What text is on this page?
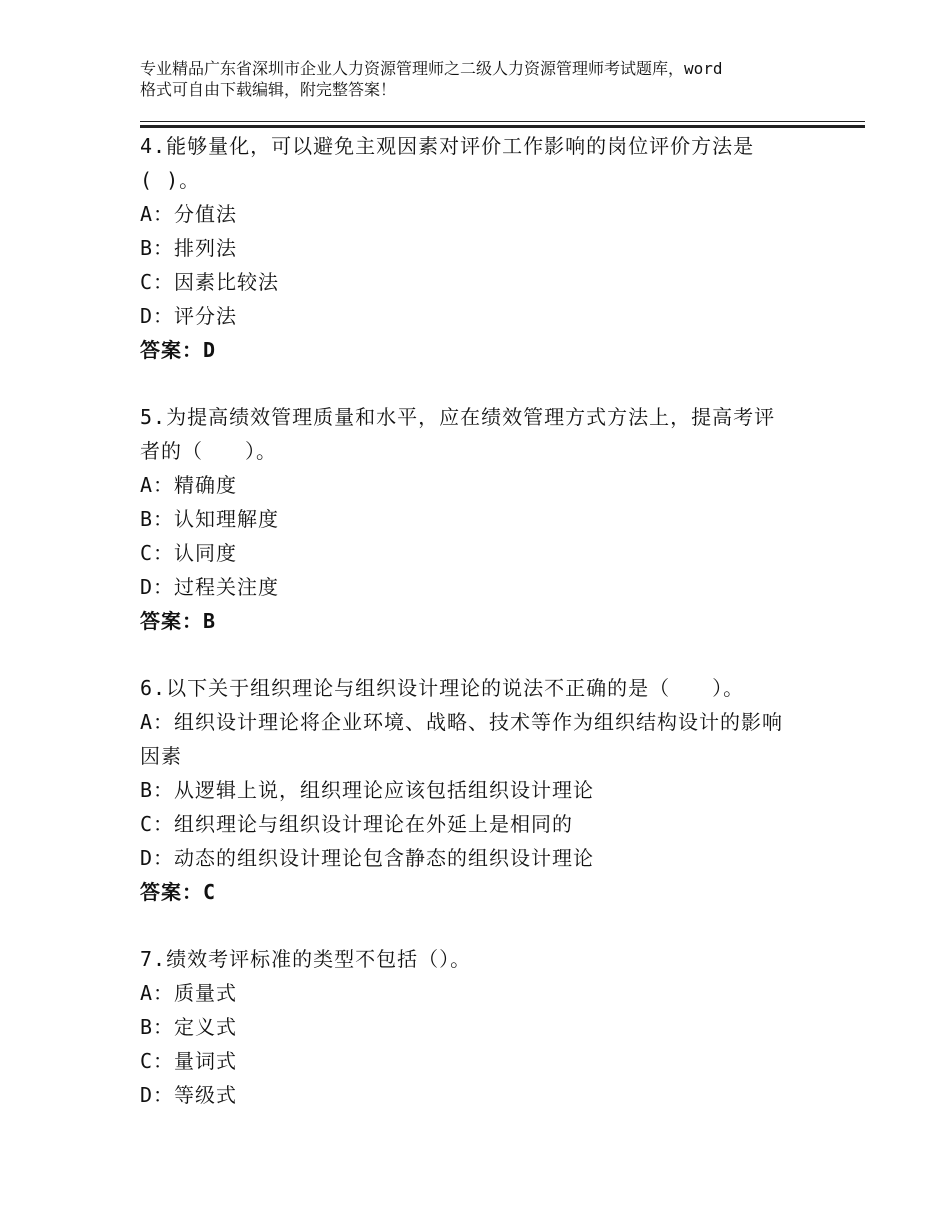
专业精品广东省深圳市企业人力资源管理师之二级人力资源管理师考试题库，word
格式可自由下载编辑，附完整答案！
4.能够量化，可以避免主观因素对评价工作影响的岗位评价方法是
( )。
A：分值法
B：排列法
C：因素比较法
D：评分法
答案：D
5.为提高绩效管理质量和水平，应在绩效管理方式方法上，提高考评
者的（　　）。
A：精确度
B：认知理解度
C：认同度
D：过程关注度
答案：B
6.以下关于组织理论与组织设计理论的说法不正确的是（　　）。
A：组织设计理论将企业环境、战略、技术等作为组织结构设计的影响
因素
B：从逻辑上说，组织理论应该包括组织设计理论
C：组织理论与组织设计理论在外延上是相同的
D：动态的组织设计理论包含静态的组织设计理论
答案：C
7.绩效考评标准的类型不包括（）。
A：质量式
B：定义式
C：量词式
D：等级式
